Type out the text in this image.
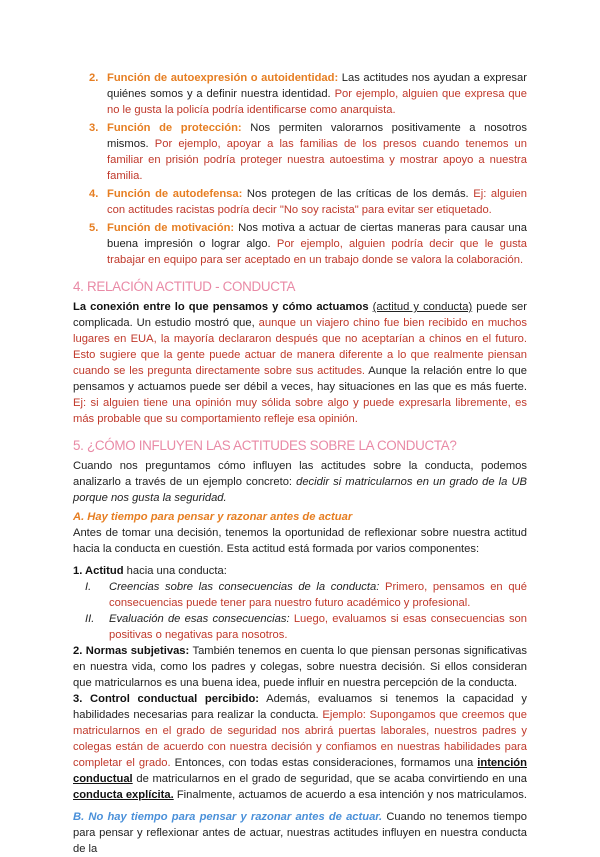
2. Función de autoexpresión o autoidentidad: Las actitudes nos ayudan a expresar quiénes somos y a definir nuestra identidad. Por ejemplo, alguien que expresa que no le gusta la policía podría identificarse como anarquista.
3. Función de protección: Nos permiten valorarnos positivamente a nosotros mismos. Por ejemplo, apoyar a las familias de los presos cuando tenemos un familiar en prisión podría proteger nuestra autoestima y mostrar apoyo a nuestra familia.
4. Función de autodefensa: Nos protegen de las críticas de los demás. Ej: alguien con actitudes racistas podría decir "No soy racista" para evitar ser etiquetado.
5. Función de motivación: Nos motiva a actuar de ciertas maneras para causar una buena impresión o lograr algo. Por ejemplo, alguien podría decir que le gusta trabajar en equipo para ser aceptado en un trabajo donde se valora la colaboración.
4. RELACIÓN ACTITUD - CONDUCTA

La conexión entre lo que pensamos y cómo actuamos (actitud y conducta) puede ser complicada. Un estudio mostró que, aunque un viajero chino fue bien recibido en muchos lugares en EUA, la mayoría declararon después que no aceptarían a chinos en el futuro. Esto sugiere que la gente puede actuar de manera diferente a lo que realmente piensan cuando se les pregunta directamente sobre sus actitudes. Aunque la relación entre lo que pensamos y actuamos puede ser débil a veces, hay situaciones en las que es más fuerte. Ej: si alguien tiene una opinión muy sólida sobre algo y puede expresarla libremente, es más probable que su comportamiento refleje esa opinión.

5. ¿CÓMO INFLUYEN LAS ACTITUDES SOBRE LA CONDUCTA?

Cuando nos preguntamos cómo influyen las actitudes sobre la conducta, podemos analizarlo a través de un ejemplo concreto: decidir si matricularnos en un grado de la UB porque nos gusta la seguridad.

A. Hay tiempo para pensar y razonar antes de actuar

Antes de tomar una decisión, tenemos la oportunidad de reflexionar sobre nuestra actitud hacia la conducta en cuestión. Esta actitud está formada por varios componentes:

1. Actitud hacia una conducta:

I. Creencias sobre las consecuencias de la conducta: Primero, pensamos en qué consecuencias puede tener para nuestro futuro académico y profesional.
II. Evaluación de esas consecuencias: Luego, evaluamos si esas consecuencias son positivas o negativas para nosotros.

2. Normas subjetivas: También tenemos en cuenta lo que piensan personas significativas en nuestra vida, como los padres y colegas, sobre nuestra decisión. Si ellos consideran que matricularnos es una buena idea, puede influir en nuestra percepción de la conducta.

3. Control conductual percibido: Además, evaluamos si tenemos la capacidad y habilidades necesarias para realizar la conducta. Ejemplo: Supongamos que creemos que matricularnos en el grado de seguridad nos abrirá puertas laborales, nuestros padres y colegas están de acuerdo con nuestra decisión y confiamos en nuestras habilidades para completar el grado. Entonces, con todas estas consideraciones, formamos una intención conductual de matricularnos en el grado de seguridad, que se acaba convirtiendo en una conducta explícita. Finalmente, actuamos de acuerdo a esa intención y nos matriculamos.

B. No hay tiempo para pensar y razonar antes de actuar. Cuando no tenemos tiempo para pensar y reflexionar antes de actuar, nuestras actitudes influyen en nuestra conducta de la
